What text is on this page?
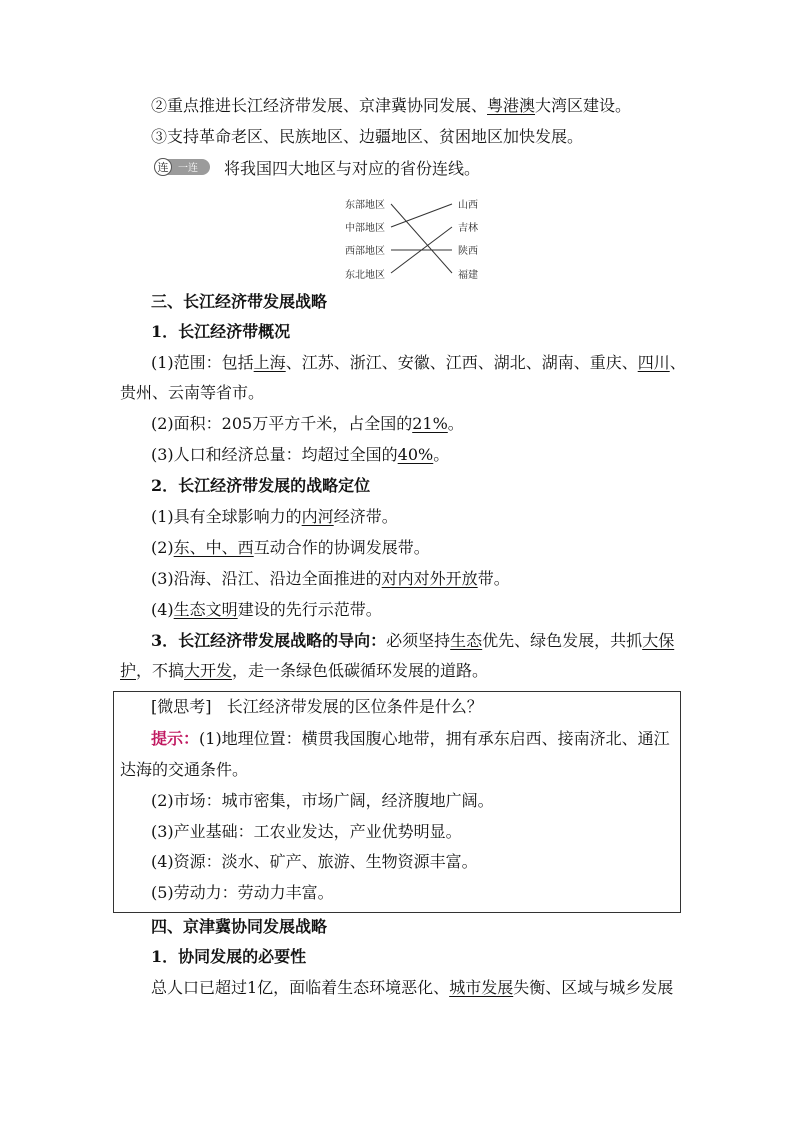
②重点推进长江经济带发展、京津冀协同发展、粤港澳大湾区建设。
③支持革命老区、民族地区、边疆地区、贫困地区加快发展。
连 一连 将我国四大地区与对应的省份连线。
东部地区
中部地区
西部地区
东北地区
山西
吉林
陕西
福建
三、长江经济带发展战略
1．长江经济带概况
(1)范围：包括上海、江苏、浙江、安徽、江西、湖北、湖南、重庆、四川、
贵州、云南等省市。
(2)面积：205万平方千米，占全国的21%。
(3)人口和经济总量：均超过全国的40%。
2．长江经济带发展的战略定位
(1)具有全球影响力的内河经济带。
(2)东、中、西互动合作的协调发展带。
(3)沿海、沿江、沿边全面推进的对内对外开放带。
(4)生态文明建设的先行示范带。
3．长江经济带发展战略的导向：必须坚持生态优先、绿色发展，共抓大保
护，不搞大开发，走一条绿色低碳循环发展的道路。
[微思考] 长江经济带发展的区位条件是什么？
提示：(1)地理位置：横贯我国腹心地带，拥有承东启西、接南济北、通江
达海的交通条件。
(2)市场：城市密集，市场广阔，经济腹地广阔。
(3)产业基础：工农业发达，产业优势明显。
(4)资源：淡水、矿产、旅游、生物资源丰富。
(5)劳动力：劳动力丰富。
四、京津冀协同发展战略
1．协同发展的必要性
总人口已超过1亿，面临着生态环境恶化、城市发展失衡、区域与城乡发展
